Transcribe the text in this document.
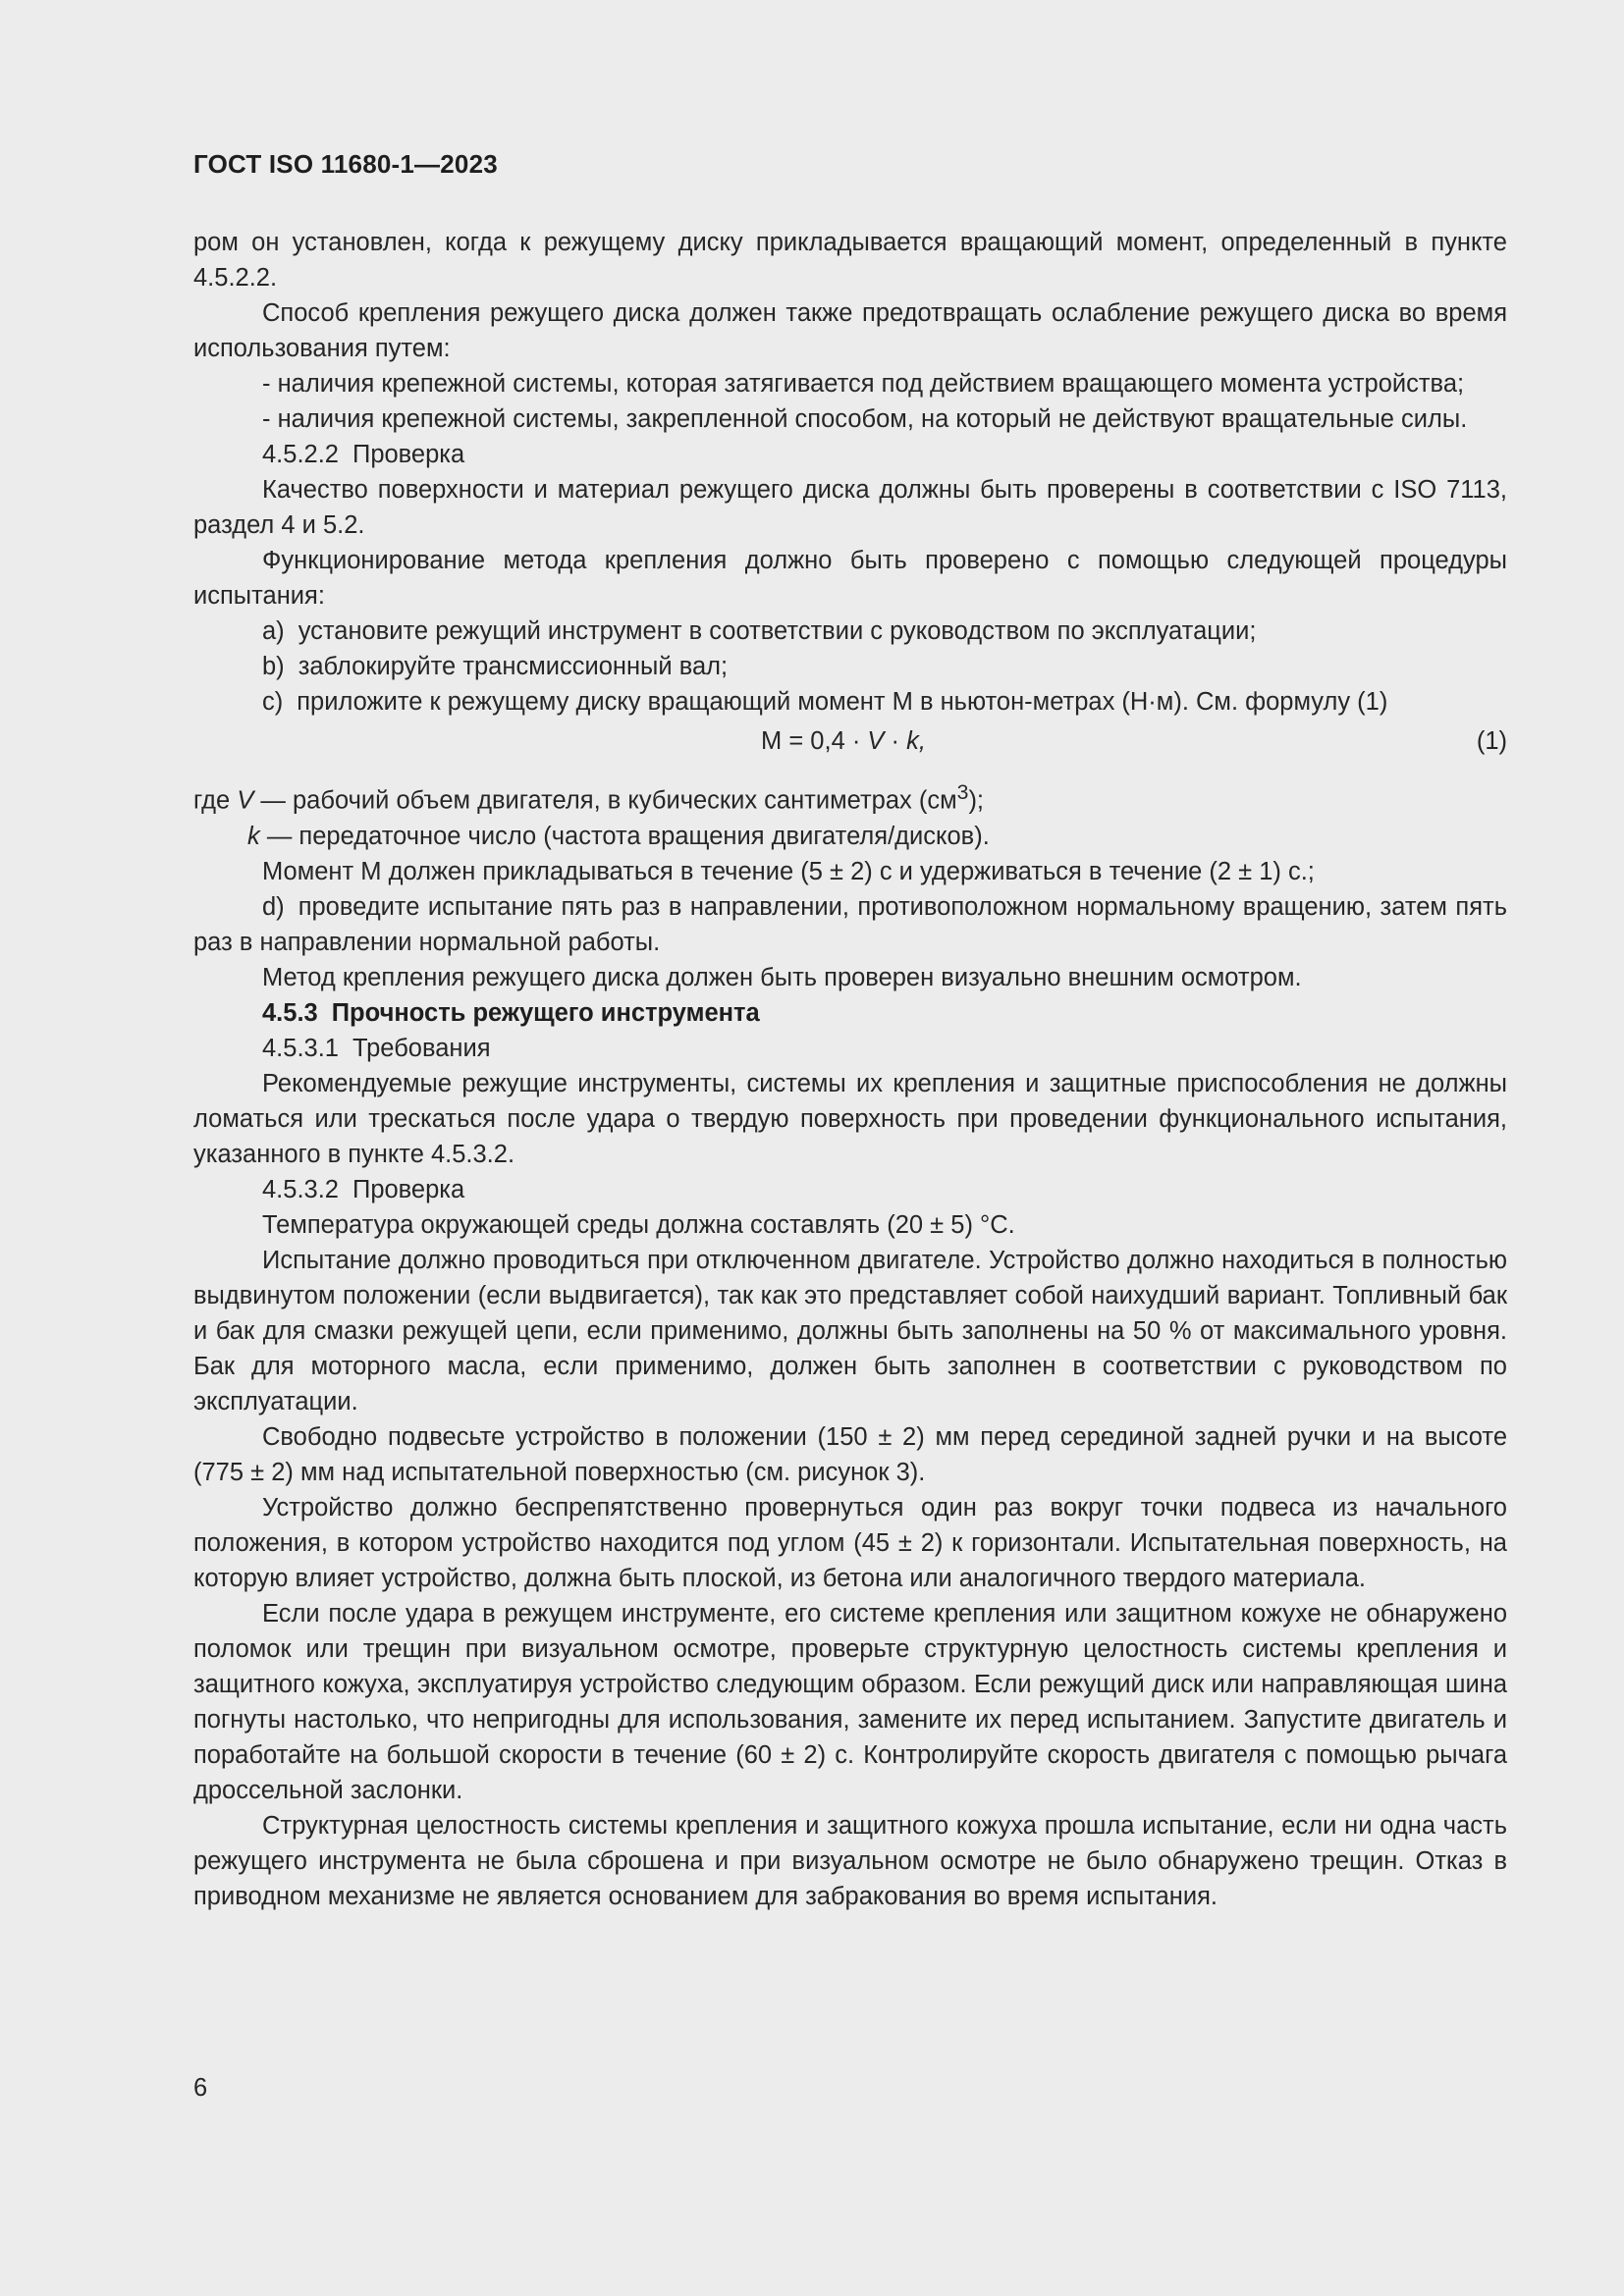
ГОСТ ISO 11680-1—2023

ром он установлен, когда к режущему диску прикладывается вращающий момент, определенный в пункте 4.5.2.2.

Способ крепления режущего диска должен также предотвращать ослабление режущего диска во время использования путем:

- наличия крепежной системы, которая затягивается под действием вращающего момента устройства;

- наличия крепежной системы, закрепленной способом, на который не действуют вращательные силы.

4.5.2.2 Проверка

Качество поверхности и материал режущего диска должны быть проверены в соответствии с ISO 7113, раздел 4 и 5.2.

Функционирование метода крепления должно быть проверено с помощью следующей процедуры испытания:

a) установите режущий инструмент в соответствии с руководством по эксплуатации;

b) заблокируйте трансмиссионный вал;

c) приложите к режущему диску вращающий момент М в ньютон-метрах (Н·м). См. формулу (1)

M = 0,4 · V · k,	(1)

где V — рабочий объем двигателя, в кубических сантиметрах $(см^3)$;

k — передаточное число (частота вращения двигателя/дисков).

Момент М должен прикладываться в течение (5 ± 2) с и удерживаться в течение (2 ± 1) с.;

d) проведите испытание пять раз в направлении, противоположном нормальному вращению, затем пять раз в направлении нормальной работы.

Метод крепления режущего диска должен быть проверен визуально внешним осмотром.

4.5.3 Прочность режущего инструмента

4.5.3.1 Требования

Рекомендуемые режущие инструменты, системы их крепления и защитные приспособления не должны ломаться или трескаться после удара о твердую поверхность при проведении функционального испытания, указанного в пункте 4.5.3.2.

4.5.3.2 Проверка

Температура окружающей среды должна составлять (20 ± 5) °С.

Испытание должно проводиться при отключенном двигателе. Устройство должно находиться в полностью выдвинутом положении (если выдвигается), так как это представляет собой наихудший вариант. Топливный бак и бак для смазки режущей цепи, если применимо, должны быть заполнены на 50 % от максимального уровня. Бак для моторного масла, если применимо, должен быть заполнен в соответствии с руководством по эксплуатации.

Свободно подвесьте устройство в положении (150 ± 2) мм перед серединой задней ручки и на высоте (775 ± 2) мм над испытательной поверхностью (см. рисунок 3).

Устройство должно беспрепятственно провернуться один раз вокруг точки подвеса из начального положения, в котором устройство находится под углом (45 ± 2) к горизонтали. Испытательная поверхность, на которую влияет устройство, должна быть плоской, из бетона или аналогичного твердого материала.

Если после удара в режущем инструменте, его системе крепления или защитном кожухе не обнаружено поломок или трещин при визуальном осмотре, проверьте структурную целостность системы крепления и защитного кожуха, эксплуатируя устройство следующим образом. Если режущий диск или направляющая шина погнуты настолько, что непригодны для использования, замените их перед испытанием. Запустите двигатель и поработайте на большой скорости в течение (60 ± 2) с. Контролируйте скорость двигателя с помощью рычага дроссельной заслонки.

Структурная целостность системы крепления и защитного кожуха прошла испытание, если ни одна часть режущего инструмента не была сброшена и при визуальном осмотре не было обнаружено трещин. Отказ в приводном механизме не является основанием для забракования во время испытания.

6
